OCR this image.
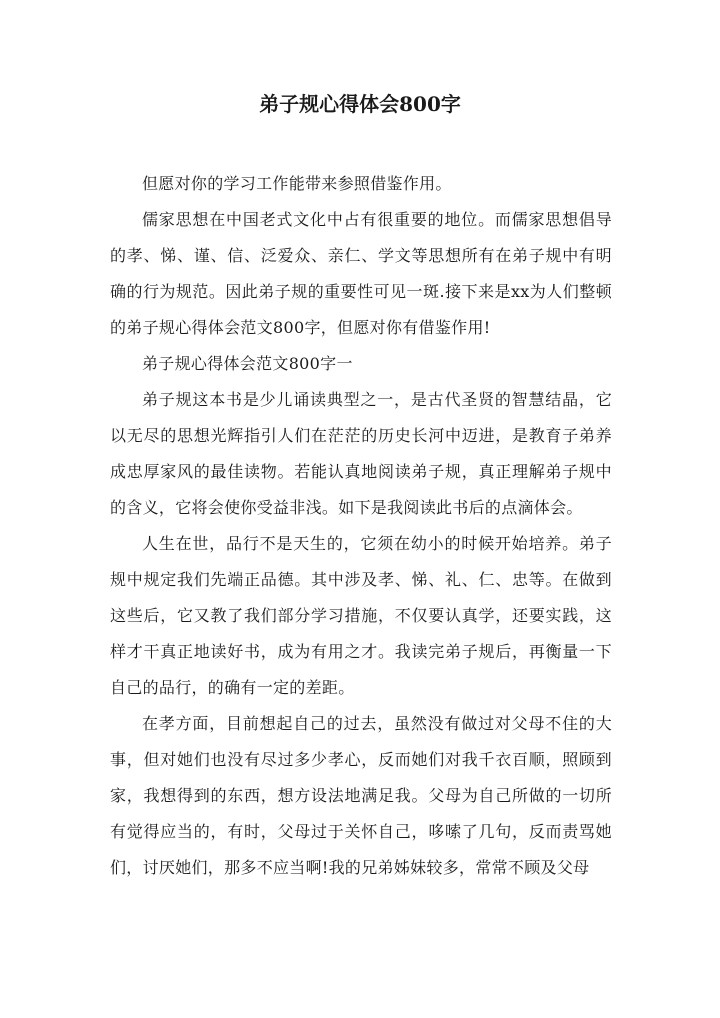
弟子规心得体会800字

但愿对你的学习工作能带来参照借鉴作用。

儒家思想在中国老式文化中占有很重要的地位。而儒家思想倡导的孝、悌、谨、信、泛爱众、亲仁、学文等思想所有在弟子规中有明确的行为规范。因此弟子规的重要性可见一斑.接下来是xx为人们整顿的弟子规心得体会范文800字，但愿对你有借鉴作用!

弟子规心得体会范文800字一

弟子规这本书是少儿诵读典型之一，是古代圣贤的智慧结晶，它以无尽的思想光辉指引人们在茫茫的历史长河中迈进，是教育子弟养成忠厚家风的最佳读物。若能认真地阅读弟子规，真正理解弟子规中的含义，它将会使你受益非浅。如下是我阅读此书后的点滴体会。

人生在世，品行不是天生的，它须在幼小的时候开始培养。弟子规中规定我们先端正品德。其中涉及孝、悌、礼、仁、忠等。在做到这些后，它又教了我们部分学习措施，不仅要认真学，还要实践，这样才干真正地读好书，成为有用之才。我读完弟子规后，再衡量一下自己的品行，的确有一定的差距。

在孝方面，目前想起自己的过去，虽然没有做过对父母不住的大事，但对她们也没有尽过多少孝心，反而她们对我千衣百顺，照顾到家，我想得到的东西，想方设法地满足我。父母为自己所做的一切所有觉得应当的，有时，父母过于关怀自己，哆嗦了几句，反而责骂她们，讨厌她们，那多不应当啊!我的兄弟姊妹较多，常常不顾及父母
